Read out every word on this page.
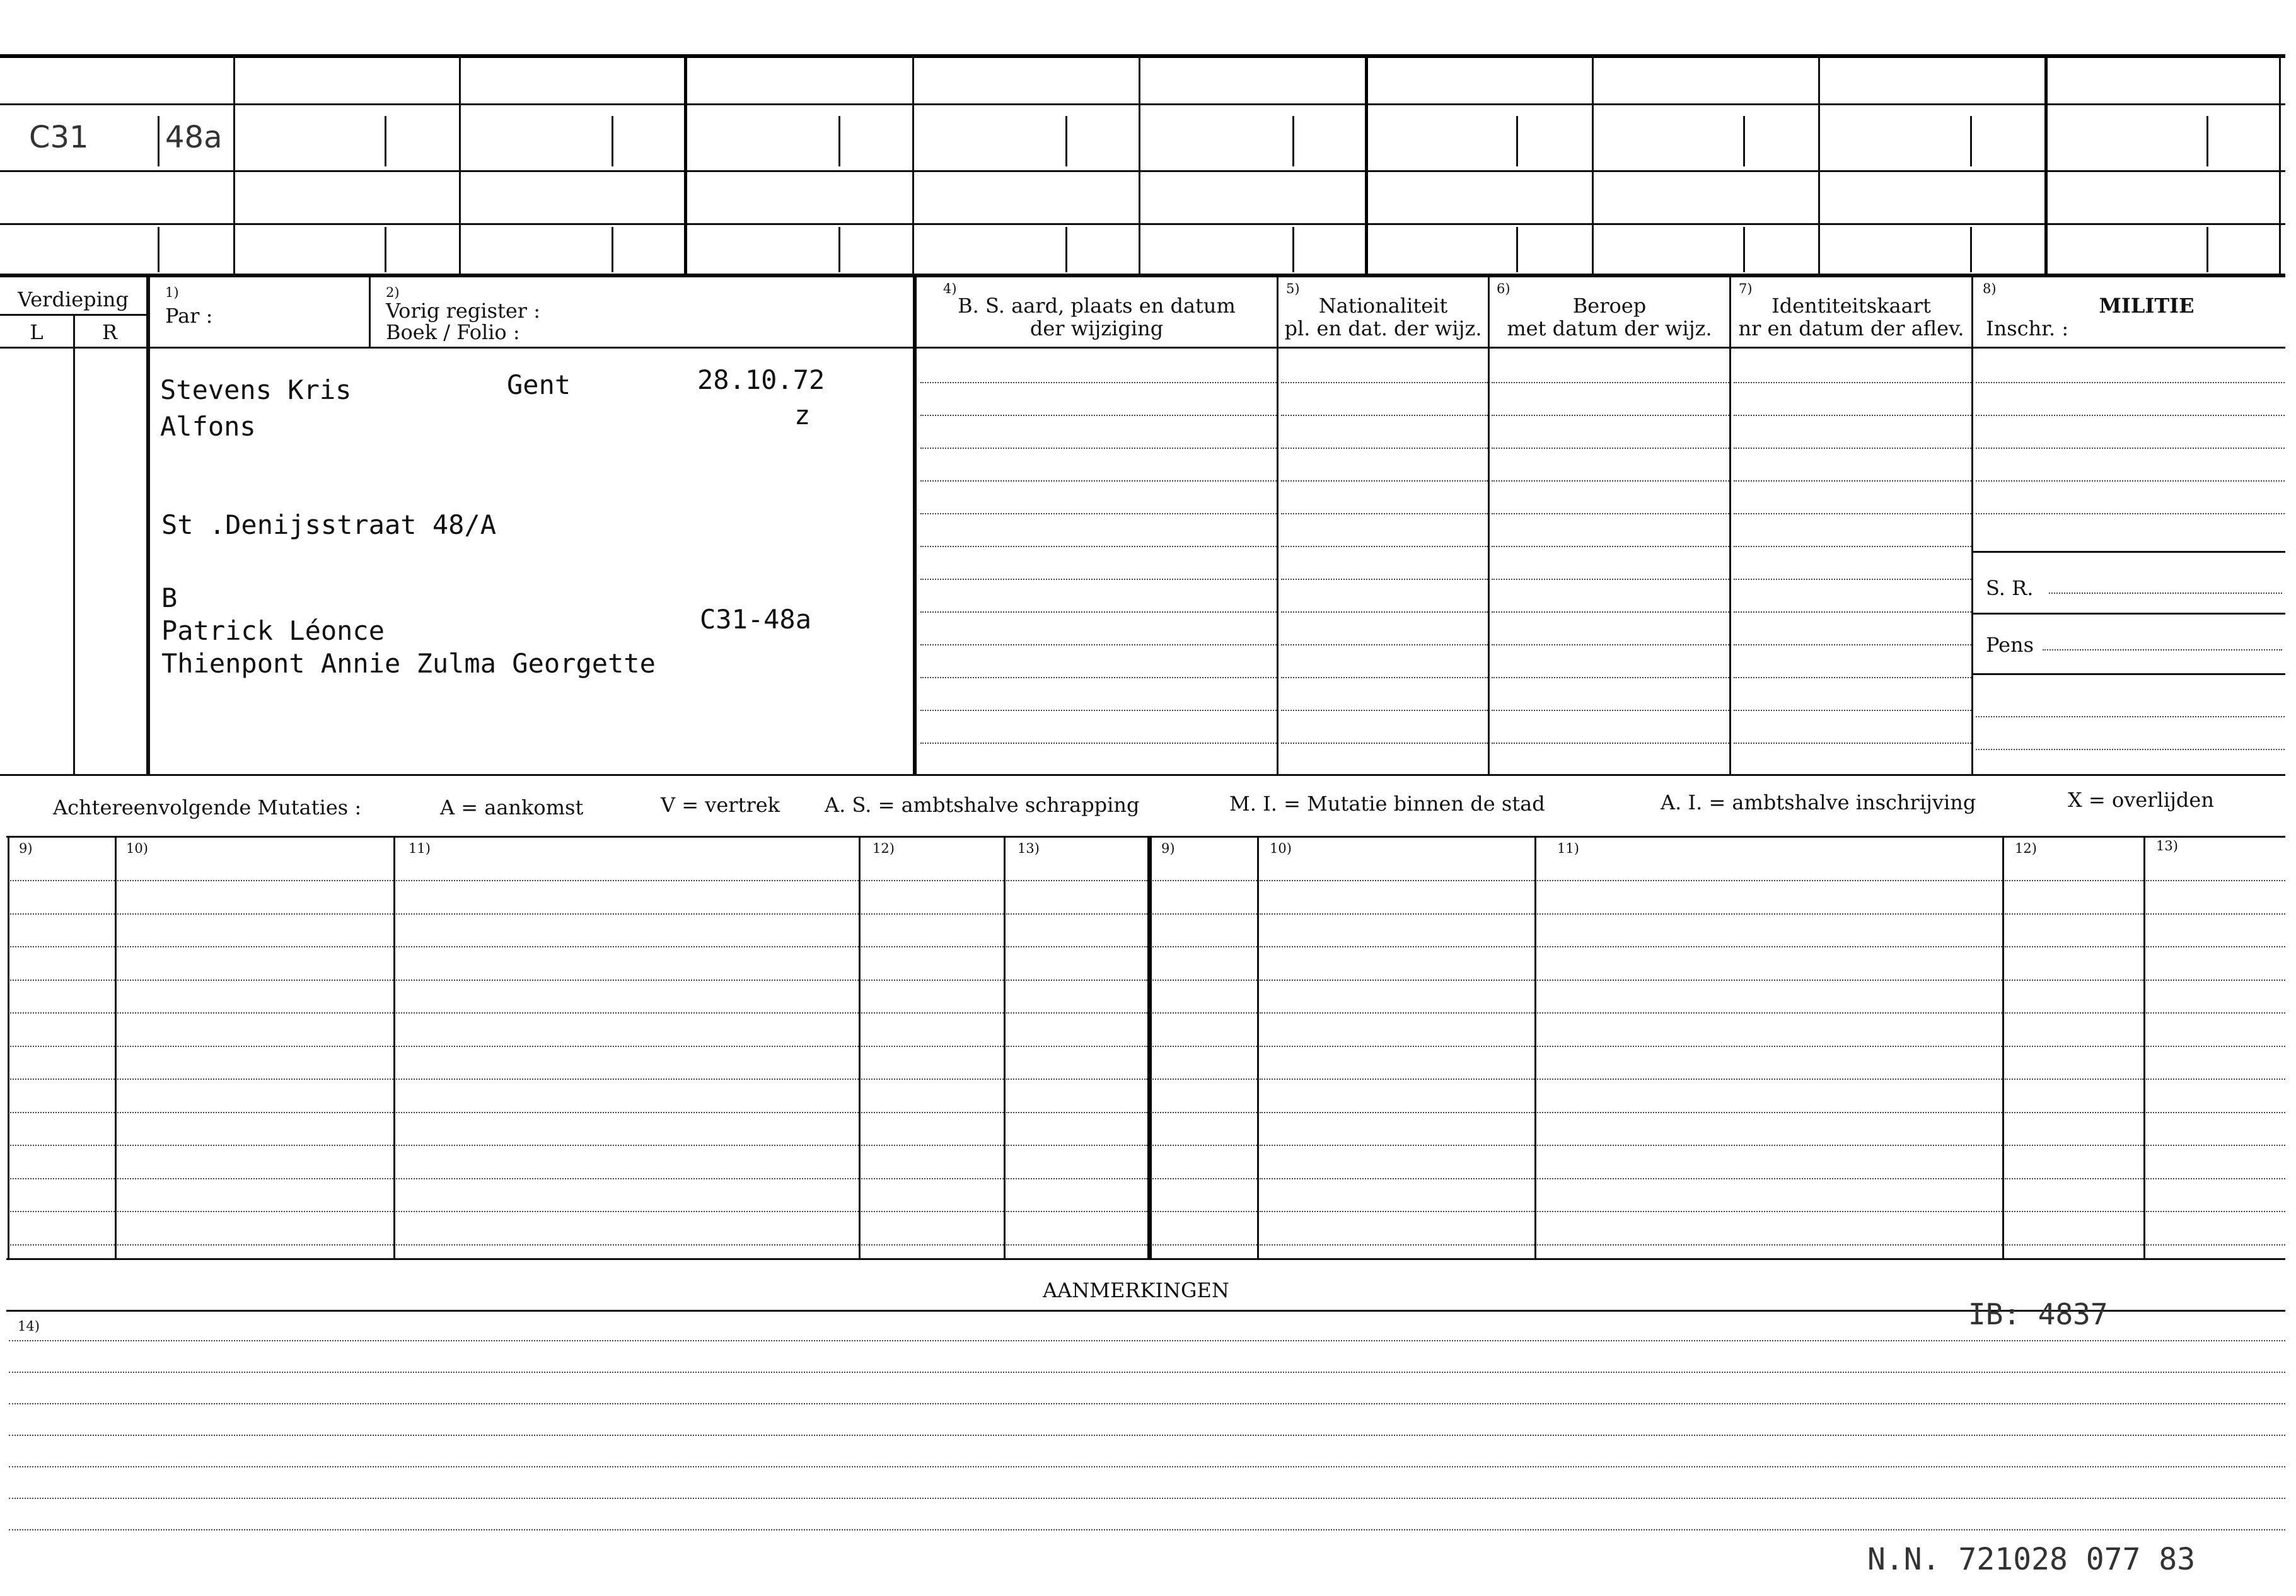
C31	48a
Verdieping
L	R
1)
Par :
2)
Vorig register :
Boek / Folio :
4)
B. S. aard, plaats en datum
der wijziging
5)
Nationaliteit
pl. en dat. der wijz.
6)
Beroep
met datum der wijz.
7)
Identiteitskaart
nr en datum der aflev.
8)
MILITIE
Inschr. :
S. R.
Pens
Stevens Kris	Gent	28.10.72
z
Alfons
St .Denijsstraat 48/A
B
Patrick Léonce	C31-48a
Thienpont Annie Zulma Georgette
Achtereenvolgende Mutaties :	A = aankomst	V = vertrek A. S. = ambtshalve schrapping	M. I. = Mutatie binnen de stad	A. I. = ambtshalve inschrijving	X = overlijden
9)	10)	11)	12)	13)	9)	10)	11)	12)	13)
AANMERKINGEN
14)	IB: 4837
N.N. 721028 077 83
